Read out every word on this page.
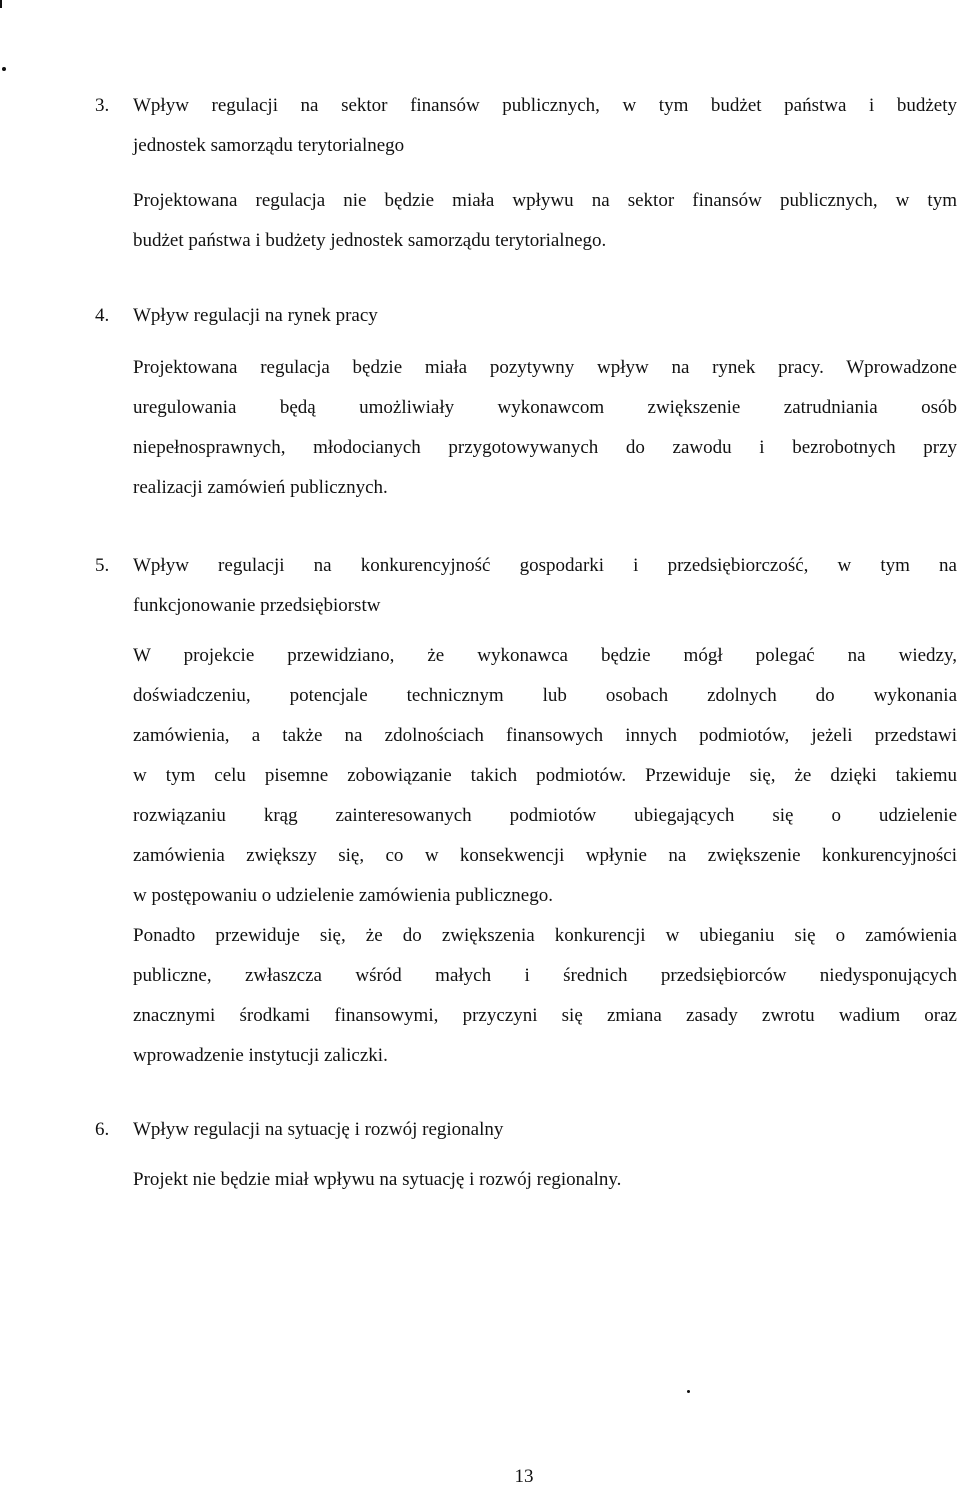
3. Wpływ regulacji na sektor finansów publicznych, w tym budżet państwa i budżety
jednostek samorządu terytorialnego
Projektowana regulacja nie będzie miała wpływu na sektor finansów publicznych, w tym
budżet państwa i budżety jednostek samorządu terytorialnego.
4. Wpływ regulacji na rynek pracy
Projektowana regulacja będzie miała pozytywny wpływ na rynek pracy. Wprowadzone
uregulowania będą umożliwiały wykonawcom zwiększenie zatrudniania osób
niepełnosprawnych, młodocianych przygotowywanych do zawodu i bezrobotnych przy
realizacji zamówień publicznych.
5. Wpływ regulacji na konkurencyjność gospodarki i przedsiębiorczość, w tym na
funkcjonowanie przedsiębiorstw
W projekcie przewidziano, że wykonawca będzie mógł polegać na wiedzy,
doświadczeniu, potencjale technicznym lub osobach zdolnych do wykonania
zamówienia, a także na zdolnościach finansowych innych podmiotów, jeżeli przedstawi
w tym celu pisemne zobowiązanie takich podmiotów. Przewiduje się, że dzięki takiemu
rozwiązaniu krąg zainteresowanych podmiotów ubiegających się o udzielenie
zamówienia zwiększy się, co w konsekwencji wpłynie na zwiększenie konkurencyjności
w postępowaniu o udzielenie zamówienia publicznego.
Ponadto przewiduje się, że do zwiększenia konkurencji w ubieganiu się o zamówienia
publiczne, zwłaszcza wśród małych i średnich przedsiębiorców niedysponujących
znacznymi środkami finansowymi, przyczyni się zmiana zasady zwrotu wadium oraz
wprowadzenie instytucji zaliczki.
6. Wpływ regulacji na sytuację i rozwój regionalny
Projekt nie będzie miał wpływu na sytuację i rozwój regionalny.
13
